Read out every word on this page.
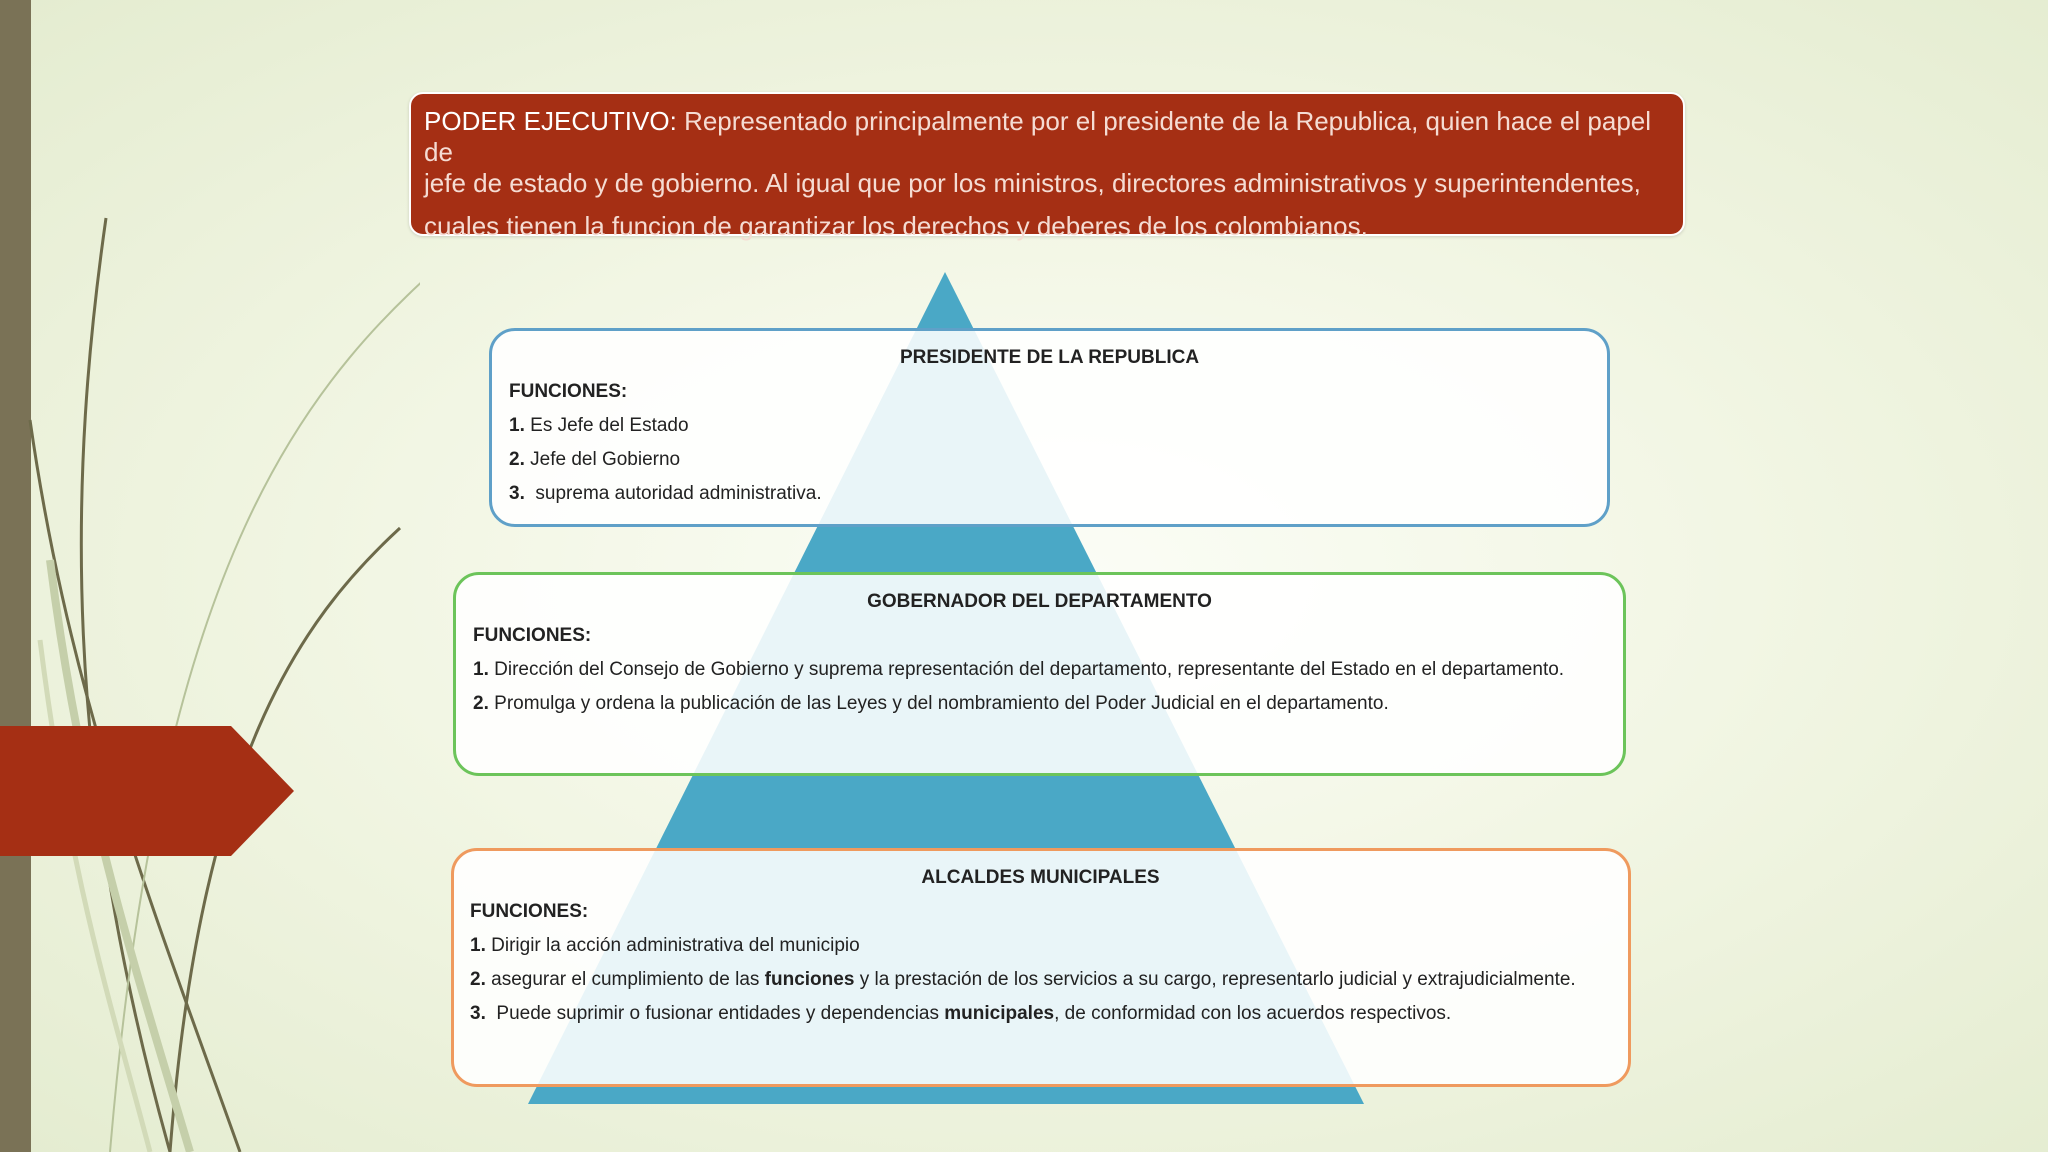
PODER EJECUTIVO: Representado principalmente por el presidente de la Republica, quien hace el papel de
jefe de estado y de gobierno. Al igual que por los ministros, directores administrativos y superintendentes,
cuales tienen la funcion de garantizar los derechos y deberes de los colombianos.
PRESIDENTE DE LA REPUBLICA
FUNCIONES:
1. Es Jefe del Estado
2. Jefe del Gobierno
3. suprema autoridad administrativa.
GOBERNADOR DEL DEPARTAMENTO
FUNCIONES:
1. Dirección del Consejo de Gobierno y suprema representación del departamento, representante del Estado en el departamento.
2. Promulga y ordena la publicación de las Leyes y del nombramiento del Poder Judicial en el departamento.
ALCALDES MUNICIPALES
FUNCIONES:
1. Dirigir la acción administrativa del municipio
2. asegurar el cumplimiento de las funciones y la prestación de los servicios a su cargo, representarlo judicial y extrajudicialmente.
3. Puede suprimir o fusionar entidades y dependencias municipales, de conformidad con los acuerdos respectivos.
